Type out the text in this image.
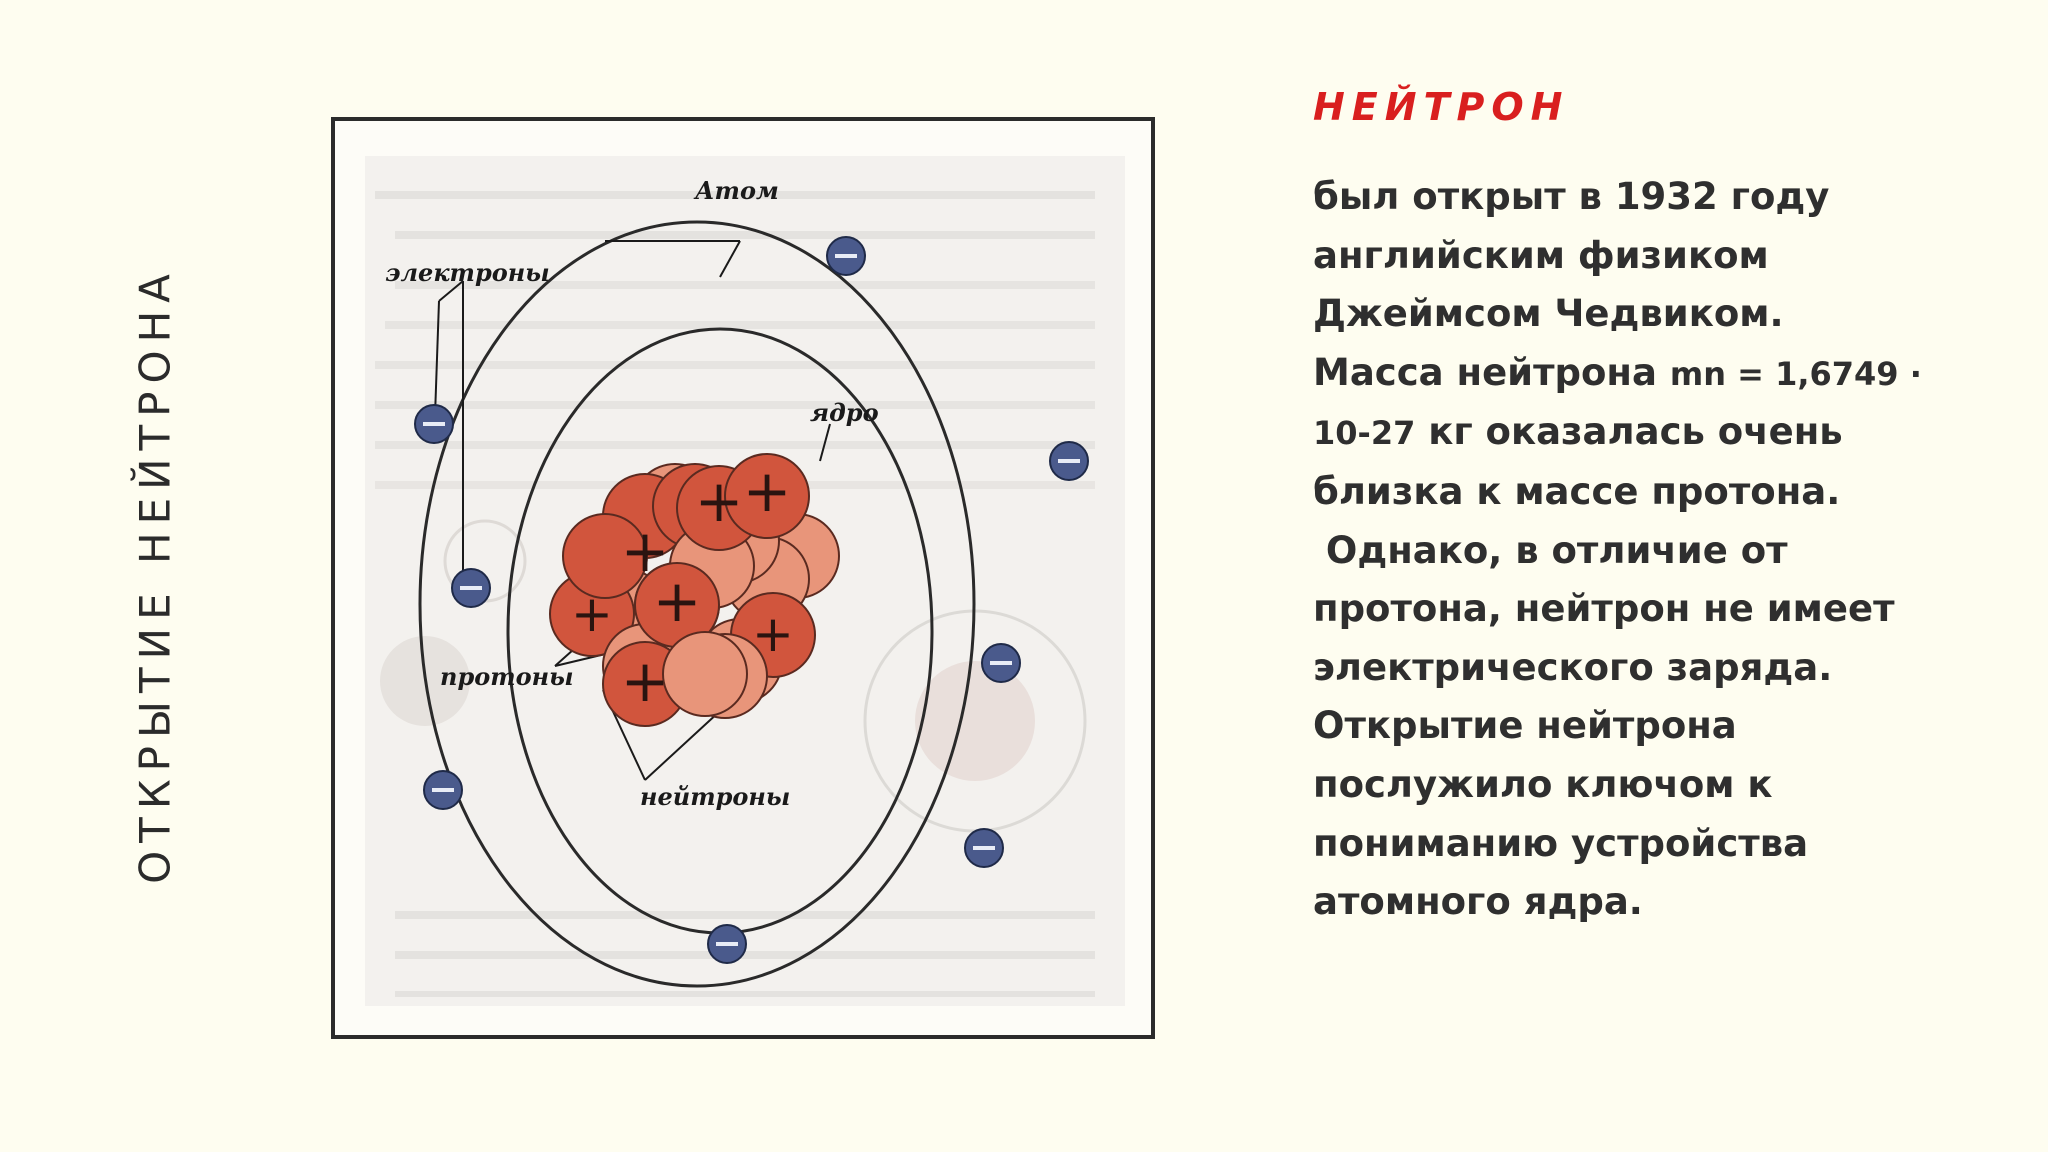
ОТКРЫТИЕ НЕЙТРОНА	+ +
+
+
+	+
+
Атом
электроны
ядро
протоны
нейтроны
НЕЙТРОН
был открыт в 1932 году
английским физиком
Джеймсом Чедвиком.
Масса нейтрона mn = 1,6749 ·
10-27 кг оказалась очень
близка к массе протона.
Однако, в отличие от
протона, нейтрон не имеет
электрического заряда.
Открытие нейтрона
послужило ключом к
пониманию устройства
атомного ядра.
